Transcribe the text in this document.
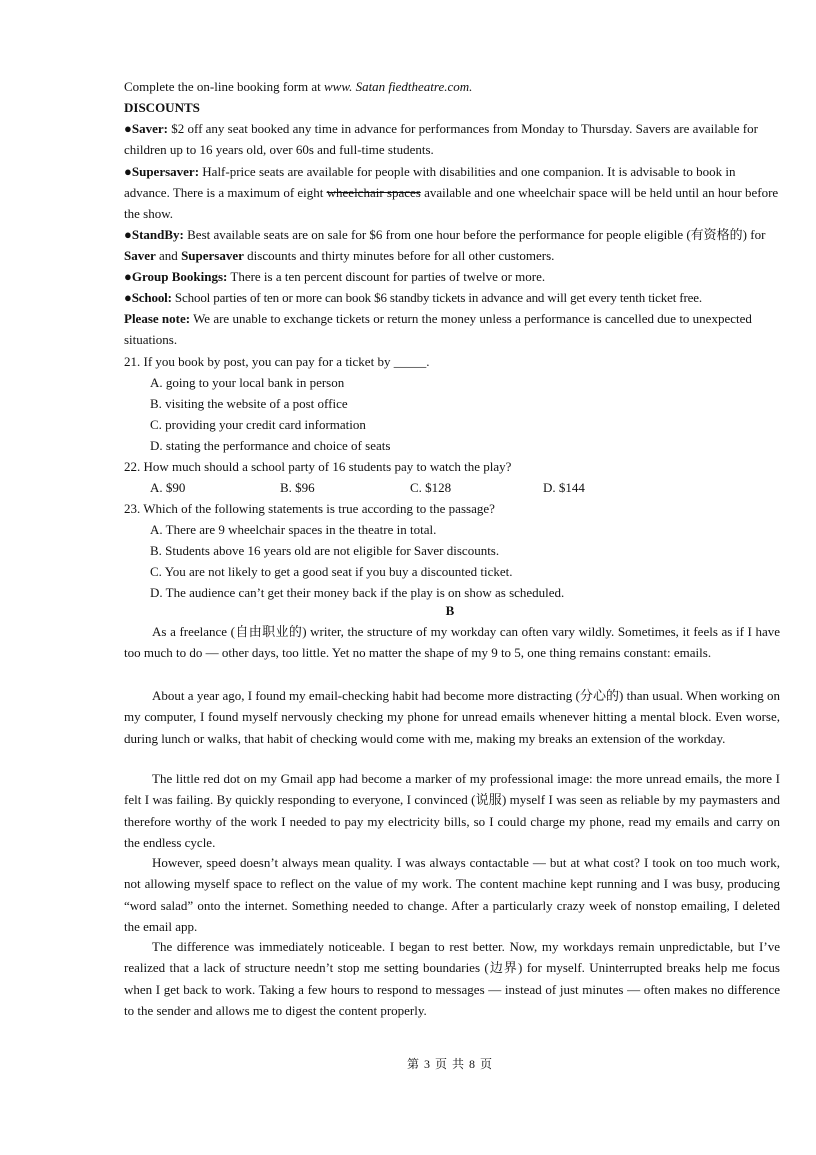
Complete the on-line booking form at www. Satan fiedtheatre.com.
DISCOUNTS
●Saver: $2 off any seat booked any time in advance for performances from Monday to Thursday. Savers are available for children up to 16 years old, over 60s and full-time students.
●Supersaver: Half-price seats are available for people with disabilities and one companion. It is advisable to book in advance. There is a maximum of eight wheelchair spaces available and one wheelchair space will be held until an hour before the show.
●StandBy: Best available seats are on sale for $6 from one hour before the performance for people eligible (有资格的) for Saver and Supersaver discounts and thirty minutes before for all other customers.
●Group Bookings: There is a ten percent discount for parties of twelve or more.
●School: School parties of ten or more can book $6 standby tickets in advance and will get every tenth ticket free.
Please note: We are unable to exchange tickets or return the money unless a performance is cancelled due to unexpected situations.
21. If you book by post, you can pay for a ticket by _____.
A. going to your local bank in person
B. visiting the website of a post office
C. providing your credit card information
D. stating the performance and choice of seats
22. How much should a school party of 16 students pay to watch the play?
A. $90	B. $96	C. $128	D. $144
23. Which of the following statements is true according to the passage?
A. There are 9 wheelchair spaces in the theatre in total.
B. Students above 16 years old are not eligible for Saver discounts.
C. You are not likely to get a good seat if you buy a discounted ticket.
D. The audience can’t get their money back if the play is on show as scheduled.
B

As a freelance (自由职业的) writer, the structure of my workday can often vary wildly. Sometimes, it feels as if I have too much to do — other days, too little. Yet no matter the shape of my 9 to 5, one thing remains constant: emails.

About a year ago, I found my email-checking habit had become more distracting (分心的) than usual. When working on my computer, I found myself nervously checking my phone for unread emails whenever hitting a mental block. Even worse, during lunch or walks, that habit of checking would come with me, making my breaks an extension of the workday.

The little red dot on my Gmail app had become a marker of my professional image: the more unread emails, the more I felt I was failing. By quickly responding to everyone, I convinced (说服) myself I was seen as reliable by my paymasters and therefore worthy of the work I needed to pay my electricity bills, so I could charge my phone, read my emails and carry on the endless cycle.

However, speed doesn’t always mean quality. I was always contactable — but at what cost? I took on too much work, not allowing myself space to reflect on the value of my work. The content machine kept running and I was busy, producing “word salad” onto the internet. Something needed to change. After a particularly crazy week of nonstop emailing, I deleted the email app.

The difference was immediately noticeable. I began to rest better. Now, my workdays remain unpredictable, but I’ve realized that a lack of structure needn’t stop me setting boundaries (边界) for myself. Uninterrupted breaks help me focus when I get back to work. Taking a few hours to respond to messages — instead of just minutes — often makes no difference to the sender and allows me to digest the content properly.

第 3 页 共 8 页
